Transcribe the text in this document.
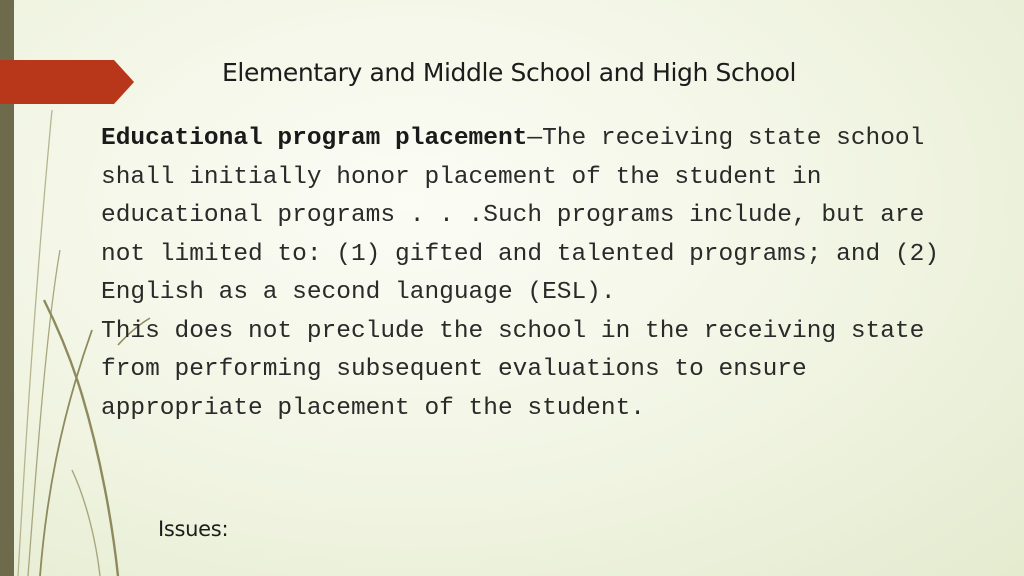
Elementary and Middle School and High School

Educational program placement—The receiving state school shall initially honor placement of the student in educational programs . . .Such programs include, but are not limited to: (1) gifted and talented programs; and (2) English as a second language (ESL).
This does not preclude the school in the receiving state from performing subsequent evaluations to ensure appropriate placement of the student.

Issues:
